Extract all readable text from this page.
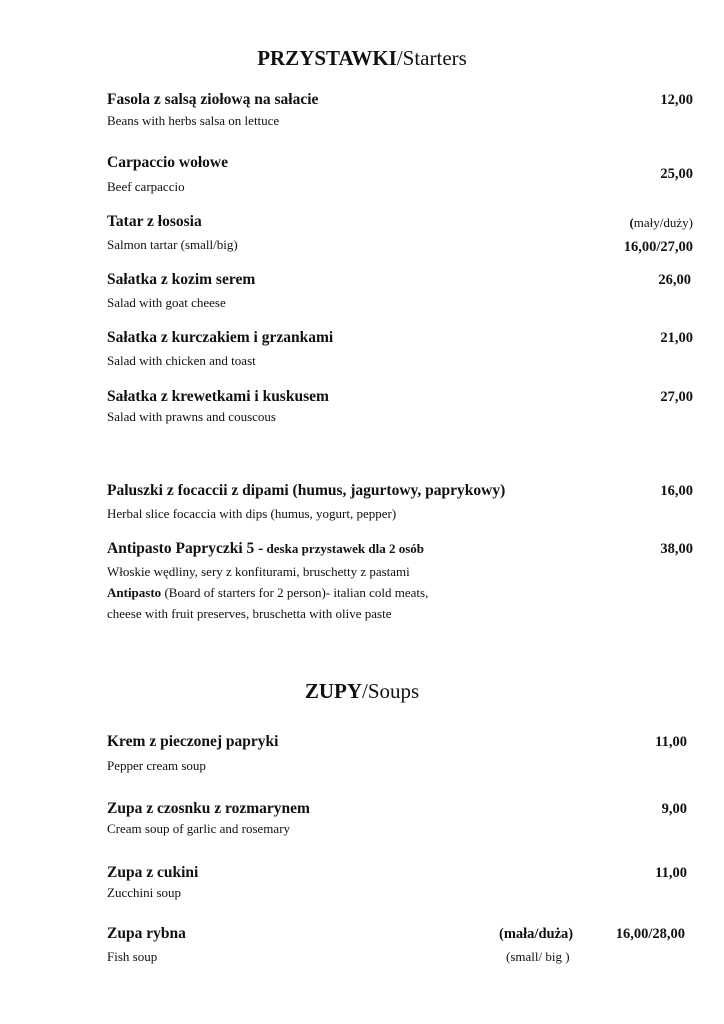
PRZYSTAWKI/Starters
Fasola z salsą ziołową na sałacie
Beans with herbs salsa on lettuce
12,00
Carpaccio wołowe
Beef carpaccio
25,00
Tatar z łososia
Salmon tartar (small/big)
(mały/duży)
16,00/27,00
Sałatka z kozim serem
Salad with goat cheese
26,00
Sałatka z kurczakiem i grzankami
Salad with chicken and toast
21,00
Sałatka z krewetkami i kuskusem
Salad with prawns and couscous
27,00
Paluszki z focaccii z dipami (humus, jagurtowy, paprykowy)
Herbal slice focaccia with dips (humus, yogurt, pepper)
16,00
Antipasto Papryczki 5 - deska przystawek dla 2 osób
Włoskie wędliny, sery z konfiturami, bruschetty z pastami
Antipasto (Board of starters for 2 person)- italian cold meats,
cheese with fruit preserves, bruschetta with olive paste
38,00
ZUPY/Soups
Krem z pieczonej papryki
Pepper cream soup
11,00
Zupa z czosnku z rozmarynem
Cream soup of garlic and rosemary
9,00
Zupa z cukini
Zucchini soup
11,00
Zupa rybna
Fish soup
(mała/duża)
(small/ big )
16,00/28,00
